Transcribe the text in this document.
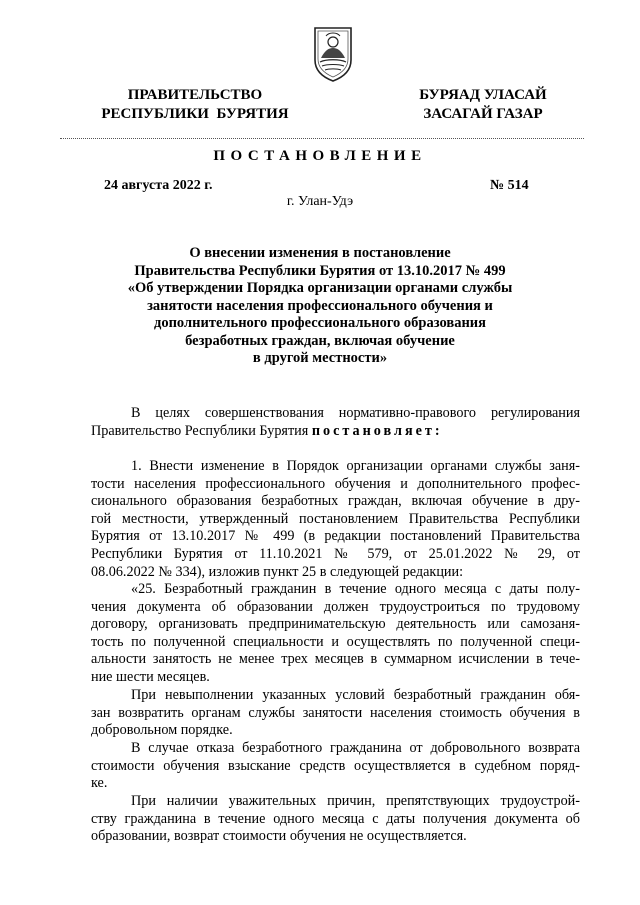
ПРАВИТЕЛЬСТВО
РЕСПУБЛИКИ  БУРЯТИЯ
БУРЯАД УЛАСАЙ
ЗАСАГАЙ ГАЗАР
ПОСТАНОВЛЕНИЕ
24 августа 2022 г.	№ 514
г. Улан-Удэ
О внесении изменения в постановление
Правительства Республики Бурятия от 13.10.2017 № 499
«Об утверждении Порядка организации органами службы
занятости населения профессионального обучения и
дополнительного профессионального образования
безработных граждан, включая обучение
в другой местности»
В целях совершенствования нормативно-правового регулирования
Правительство Республики Бурятия постановляет:
1. Внести изменение в Порядок организации органами службы заня-
тости населения профессионального обучения и дополнительного профес-
сионального образования безработных граждан, включая обучение в дру-
гой местности, утвержденный постановлением Правительства Республики
Бурятия от 13.10.2017 № 499 (в редакции постановлений Правительства
Республики Бурятия от 11.10.2021 № 579, от 25.01.2022 № 29, от
08.06.2022 № 334), изложив пункт 25 в следующей редакции:
«25. Безработный гражданин в течение одного месяца с даты полу-
чения документа об образовании должен трудоустроиться по трудовому
договору, организовать предпринимательскую деятельность или самозаня-
тость по полученной специальности и осуществлять по полученной специ-
альности занятость не менее трех месяцев в суммарном исчислении в тече-
ние шести месяцев.
При невыполнении указанных условий безработный гражданин обя-
зан возвратить органам службы занятости населения стоимость обучения в
добровольном порядке.
В случае отказа безработного гражданина от добровольного возврата
стоимости обучения взыскание средств осуществляется в судебном поряд-
ке.
При наличии уважительных причин, препятствующих трудоустрой-
ству гражданина в течение одного месяца с даты получения документа об
образовании, возврат стоимости обучения не осуществляется.
